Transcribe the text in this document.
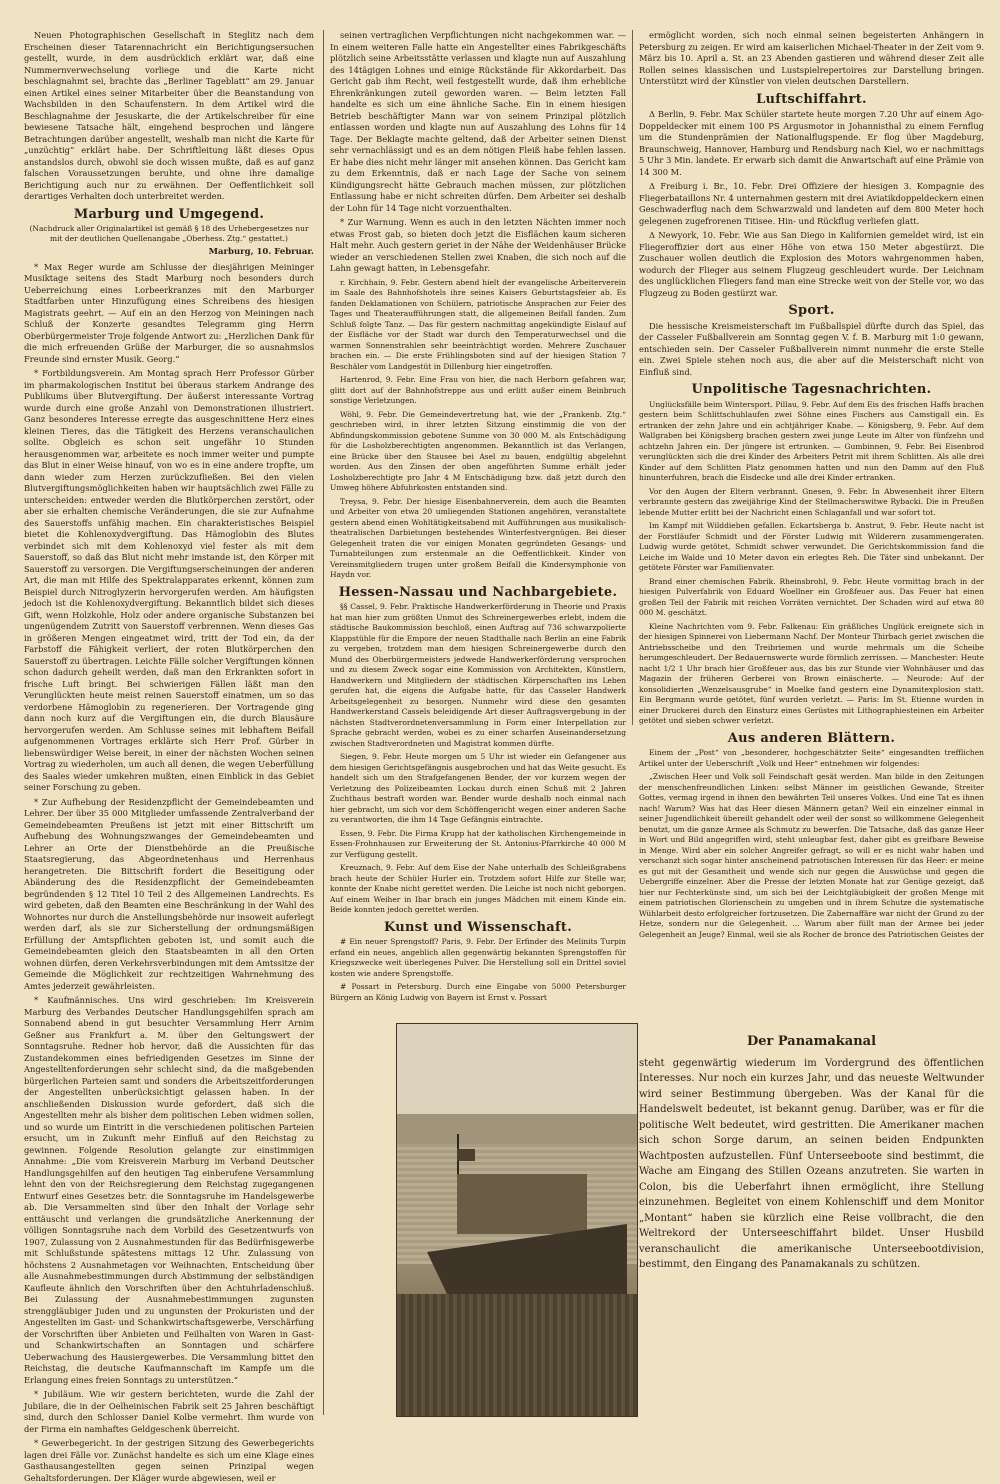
Neuen Photographischen Gesellschaft in Steglitz nach dem Erscheinen dieser Tatarennachricht ein Berichtigungsersuchen gestellt, wurde, in dem ausdrücklich erklärt war, daß eine Nummernverwechselung vorliege und die Karte nicht beschlagnahmt sei, brachte das „Berliner Tageblatt“ am 29. Januar einen Artikel eines seiner Mitarbeiter über die Beanstandung von Wachsbilden in den Schaufenstern. In dem Artikel wird die Beschlagnahme der Jesuskarte, die der Artikelschreiber für eine bewiesene Tatsache hält, eingehend besprochen und längere Betrachtungen darüber angestellt, weshalb man nicht die Karte für „unzüchtig“ erklärt habe. Der Schriftleitung läßt dieses Opus anstandslos durch, obwohl sie doch wissen mußte, daß es auf ganz falschen Voraussetzungen beruhte, und ohne ihre damalige Berichtigung auch nur zu erwähnen. Der Oeffentlichkeit soll derartiges Verhalten doch unterbreitet werden.

Marburg und Umgegend.
(Nachdruck aller Originalartikel ist gemäß § 18 des Urhebergesetzes nur mit der deutlichen Quellenangabe „Oberhess. Ztg.“ gestattet.)
Marburg, 10. Februar.

* Max Reger wurde am Schlusse der diesjährigen Meininger Musiktage seitens des Stadt Marburg noch besonders durch Ueberreichung eines Lorbeerkranzes mit den Marburger Stadtfarben unter Hinzufügung eines Schreibens des hiesigen Magistrats geehrt. — Auf ein an den Herzog von Meiningen nach Schluß der Konzerte gesandtes Telegramm ging Herrn Oberbürgermeister Troje folgende Antwort zu: „Herzlichen Dank für die mich erfreuenden Grüße der Marburger, die so ausnahmslos Freunde sind ernster Musik. Georg.“

* Fortbildungsverein. Am Montag sprach Herr Professor Gürber im pharmakologischen Institut bei überaus starkem Andrange des Publikums über Blutvergiftung. Der äußerst interessante Vortrag wurde durch eine große Anzahl von Demonstrationen illustriert. Ganz besonderes Interesse erregte das ausgeschnittene Herz eines kleinen Tieres, das die Tätigkeit des Herzens veranschaulichen sollte. Obgleich es schon seit ungefähr 10 Stunden herausgenommen war, arbeitete es noch immer weiter und pumpte das Blut in einer Weise hinauf, von wo es in eine andere tropfte, um dann wieder zum Herzen zurückzufließen. Bei den vielen Blutvergiftungsmöglichkeiten haben wir hauptsächlich zwei Fälle zu unterscheiden: entweder werden die Blutkörperchen zerstört, oder aber sie erhalten chemische Veränderungen, die sie zur Aufnahme des Sauerstoffs unfähig machen. Ein charakteristisches Beispiel bietet die Kohlenoxydvergiftung. Das Hämoglobin des Blutes verbindet sich mit dem Kohlenoxyd viel fester als mit dem Sauerstoff, so daß das Blut nicht mehr imstande ist, den Körper mit Sauerstoff zu versorgen. Die Vergiftungserscheinungen der anderen Art, die man mit Hilfe des Spektralapparates erkennt, können zum Beispiel durch Nitroglyzerin hervorgerufen werden. Am häufigsten jedoch ist die Kohlenoxydvergiftung. Bekanntlich bildet sich dieses Gift, wenn Holzkohle, Holz oder andere organische Substanzen bei ungenügendem Zutritt von Sauerstoff verbrennen. Wenn dieses Gas in größeren Mengen eingeatmet wird, tritt der Tod ein, da der Farbstoff die Fähigkeit verliert, der roten Blutkörperchen den Sauerstoff zu übertragen. Leichte Fälle solcher Vergiftungen können schon dadurch geheilt werden, daß man den Erkrankten sofort in frische Luft bringt. Bei schwierigen Fällen läßt man den Verunglückten heute meist reinen Sauerstoff einatmen, um so das verdorbene Hämoglobin zu regenerieren. Der Vortragende ging dann noch kurz auf die Vergiftungen ein, die durch Blausäure hervorgerufen werden. Am Schlusse seines mit lebhaftem Beifall aufgenommenen Vortrages erklärte sich Herr Prof. Gürber in liebenswürdiger Weise bereit, in einer der nächsten Wochen seinen Vortrag zu wiederholen, um auch all denen, die wegen Ueberfüllung des Saales wieder umkehren mußten, einen Einblick in das Gebiet seiner Forschung zu geben.

* Zur Aufhebung der Residenzpflicht der Gemeindebeamten und Lehrer. Der über 35 000 Mitglieder umfassende Zentralverband der Gemeindebeamten Preußens ist jetzt mit einer Bittschrift um Aufhebung des Wohnungszwanges der Gemeindebeamten und Lehrer an Orte der Dienstbehörde an die Preußische Staatsregierung, das Abgeordnetenhaus und Herrenhaus herangetreten. Die Bittschrift fordert die Beseitigung oder Abänderung des die Residenzpflicht der Gemeindebeamten begründenden § 12 Titel 10 Teil 2 des Allgemeinen Landrechts. Es wird gebeten, daß den Beamten eine Beschränkung in der Wahl des Wohnortes nur durch die Anstellungsbehörde nur insoweit auferlegt werden darf, als sie zur Sicherstellung der ordnungsmäßigen Erfüllung der Amtspflichten geboten ist, und somit auch die Gemeindebeamten gleich den Staatsbeamten in all den Orten wohnen dürfen, deren Verkehrsverbindungen mit dem Amtssitze der Gemeinde die Möglichkeit zur rechtzeitigen Wahrnehmung des Amtes jederzeit gewährleisten.

* Kaufmännisches. Uns wird geschrieben: Im Kreisverein Marburg des Verbandes Deutscher Handlungsgehilfen sprach am Sonnabend abend in gut besuchter Versammlung Herr Arnim Geßner aus Frankfurt a. M. über den Geltungswert der Sonntagsruhe. Redner hob hervor, daß die Aussichten für das Zustandekommen eines befriedigenden Gesetzes im Sinne der Angestelltenforderungen sehr schlecht sind, da die maßgebenden bürgerlichen Parteien samt und sonders die Arbeitszeitforderungen der Angestellten unberücksichtigt gelassen haben. In der anschließenden Diskussion wurde gefordert, daß sich die Angestellten mehr als bisher dem politischen Leben widmen sollen, und so wurde um Eintritt in die verschiedenen politischen Parteien ersucht, um in Zukunft mehr Einfluß auf den Reichstag zu gewinnen. Folgende Resolution gelangte zur einstimmigen Annahme: „Die vom Kreisverein Marburg im Verband Deutscher Handlungsgehilfen auf den heutigen Tag einberufene Versammlung lehnt den von der Reichsregierung dem Reichstag zugegangenen Entwurf eines Gesetzes betr. die Sonntagsruhe im Handelsgewerbe ab. Die Versammelten sind über den Inhalt der Vorlage sehr enttäuscht und verlangen die grundsätzliche Anerkennung der völligen Sonntagsruhe nach dem Vorbild des Gesetzentwurfs von 1907, Zulassung von 2 Ausnahmestunden für das Bedürfnisgewerbe mit Schlußstunde spätestens mittags 12 Uhr. Zulassung von höchstens 2 Ausnahmetagen vor Weihnachten, Entscheidung über alle Ausnahmebestimmungen durch Abstimmung der selbständigen Kaufleute ähnlich den Vorschriften über den Achtuhrladenschluß. Bei Zulassung der Ausnahmebestimmungen zugunsten strenggläubiger Juden und zu ungunsten der Prokuristen und der Angestellten im Gast- und Schankwirtschaftsgewerbe, Verschärfung der Vorschriften über Anbieten und Feilhalten von Waren in Gast- und Schankwirtschaften an Sonntagen und schärfere Ueberwachung des Hausiergewerbes. Die Versammlung bittet den Reichstag, die deutsche Kaufmannschaft im Kampfe um die Erlangung eines freien Sonntags zu unterstützen.“

* Jubiläum. Wie wir gestern berichteten, wurde die Zahl der Jubilare, die in der Oelheinischen Fabrik seit 25 Jahren beschäftigt sind, durch den Schlosser Daniel Kolbe vermehrt. Ihm wurde von der Firma ein namhaftes Geldgeschenk überreicht.

* Gewerbegericht. In der gestrigen Sitzung des Gewerbegerichts lagen drei Fälle vor. Zunächst handelte es sich um eine Klage eines Gasthausangestellten gegen seinen Prinzipal wegen Gehaltsforderungen. Der Kläger wurde abgewiesen, weil er

seinen vertraglichen Verpflichtungen nicht nachgekommen war. — In einem weiteren Falle hatte ein Angestellter eines Fabrikgeschäfts plötzlich seine Arbeitsstätte verlassen und klagte nun auf Auszahlung des 14tägigen Lohnes und einige Rückstände für Akkordarbeit. Das Gericht gab ihm Recht, weil festgestellt wurde, daß ihm erhebliche Ehrenkränkungen zuteil geworden waren. — Beim letzten Fall handelte es sich um eine ähnliche Sache. Ein in einem hiesigen Betrieb beschäftigter Mann war von seinem Prinzipal plötzlich entlassen worden und klagte nun auf Auszahlung des Lohns für 14 Tage. Der Beklagte machte geltend, daß der Arbeiter seinen Dienst sehr vernachlässigt und es an dem nötigen Fleiß habe fehlen lassen. Er habe dies nicht mehr länger mit ansehen können. Das Gericht kam zu dem Erkenntnis, daß er nach Lage der Sache von seinem Kündigungsrecht hätte Gebrauch machen müssen, zur plötzlichen Entlassung habe er nicht schreiten dürfen. Dem Arbeiter sei deshalb der Lohn für 14 Tage nicht vorzuenthalten.

* Zur Warnung. Wenn es auch in den letzten Nächten immer noch etwas Frost gab, so bieten doch jetzt die Eisflächen kaum sicheren Halt mehr. Auch gestern geriet in der Nähe der Weidenhäuser Brücke wieder an verschiedenen Stellen zwei Knaben, die sich noch auf die Lahn gewagt hatten, in Lebensgefahr.

r. Kirchhain, 9. Febr. Gestern abend hielt der evangelische Arbeiterverein im Saale des Bahnhofshotels ihre seines Kaisers Geburtstagsfeier ab. Es fanden Deklamationen von Schülern, patriotische Ansprachen zur Feier des Tages und Theateraufführungen statt, die allgemeinen Beifall fanden. Zum Schluß folgte Tanz. — Das für gestern nachmittag angekündigte Eislauf auf der Eisfläche vor der Stadt war durch den Temperaturwechsel und die warmen Sonnenstrahlen sehr beeinträchtigt worden. Mehrere Zuschauer brachen ein. — Die erste Frühlingsboten sind auf der hiesigen Station 7 Beschäler vom Landgestüt in Dillenburg hier eingetroffen.

Hartenrod, 9. Febr. Eine Frau von hier, die nach Herborn gefahren war, glitt dort auf der Bahnhofstreppe aus und erlitt außer einem Beinbruch sonstige Verletzungen.

Wöhl, 9. Febr. Die Gemeindevertretung hat, wie der „Frankenb. Ztg.“ geschrieben wird, in ihrer letzten Sitzung einstimmig die von der Abfindungskommission gebotene Summe von 30 000 M. als Entschädigung für die Losholzberechtigten angenommen. Bekanntlich ist das Verlangen, eine Brücke über den Stausee bei Asel zu bauen, endgültig abgelehnt worden. Aus den Zinsen der oben angeführten Summe erhält jeder Losholzberechtigte pro Jahr 4 M Entschädigung bzw. daß jetzt durch den Umweg höhere Abfuhrkosten entstanden sind.

Treysa, 9. Febr. Der hiesige Eisenbahnerverein, dem auch die Beamten und Arbeiter von etwa 20 umliegenden Stationen angehören, veranstaltete gestern abend einen Wohltätigkeitsabend mit Aufführungen aus musikalisch-theatralischen Darbietungen bestehendes Winterfestvergnügen. Bei dieser Gelegenheit traten die vor einigen Monaten gegründeten Gesangs- und Turnabteilungen zum erstenmale an die Oeffentlichkeit. Kinder von Vereinsmitgliedern trugen unter großem Beifall die Kindersymphonie von Haydn vor.

Hessen-Nassau und Nachbargebiete.

§§ Cassel, 9. Febr. Praktische Handwerkerförderung in Theorie und Praxis hat man hier zum größten Unmut des Schreinergewerbes erlebt, indem die städtische Baukommission beschloß, einen Auftrag auf 736 schwarzpolierte Klappstühle für die Empore der neuen Stadthalle nach Berlin an eine Fabrik zu vergeben, trotzdem man dem hiesigen Schreinergewerbe durch den Mund des Oberbürgermeisters jedwede Handwerkerförderung versprochen und zu diesem Zweck sogar eine Kommission von Architekten, Künstlern, Handwerkern und Mitgliedern der städtischen Körperschaften ins Leben gerufen hat, die eigens die Aufgabe hatte, für das Casseler Handwerk Arbeitsgelegenheit zu besorgen. Nunmehr wird diese den gesamten Handwerkerstand Cassels beleidigende Art dieser Auftragsvergebung in der nächsten Stadtverordnetenversammlung in Form einer Interpellation zur Sprache gebracht werden, wobei es zu einer scharfen Auseinandersetzung zwischen Stadtverordneten und Magistrat kommen dürfte.

Siegen, 9. Febr. Heute morgen um 5 Uhr ist wieder ein Gefangener aus dem hiesigen Gerichtsgefängnis ausgebrochen und hat das Weite gesucht. Es handelt sich um den Strafgefangenen Bender, der vor kurzem wegen der Verletzung des Polizeibeamten Lockau durch einen Schuß mit 2 Jahren Zuchthaus bestraft worden war. Bender wurde deshalb noch einmal nach hier gebracht, um sich vor dem Schöffengericht wegen einer anderen Sache zu verantworten, die ihm 14 Tage Gefängnis eintrachte.

Essen, 9. Febr. Die Firma Krupp hat der katholischen Kirchengemeinde in Essen-Frohnhausen zur Erweiterung der St. Antonius-Pfarrkirche 40 000 M zur Verfügung gestellt.

Kreuznach, 9. Febr. Auf dem Eise der Nahe unterhalb des Schleißgrabens brach heute der Schüler Hurler ein. Trotzdem sofort Hilfe zur Stelle war, konnte der Knabe nicht gerettet werden. Die Leiche ist noch nicht geborgen. Auf einem Weiher in Ibar brach ein junges Mädchen mit einem Kinde ein. Beide konnten jedoch gerettet werden.

Kunst und Wissenschaft.

# Ein neuer Sprengstoff? Paris, 9. Febr. Der Erfinder des Melinits Turpin erfand ein neues, angeblich allen gegenwärtig bekannten Sprengstoffen für Kriegszwecke weit überlegenes Pulver. Die Herstellung soll ein Drittel soviel kosten wie andere Sprengstoffe.

# Possart in Petersburg. Durch eine Eingabe von 5000 Petersburger Bürgern an König Ludwig von Bayern ist Ernst v. Possart

ermöglicht worden, sich noch einmal seinen begeisterten Anhängern in Petersburg zu zeigen. Er wird am kaiserlichen Michael-Theater in der Zeit vom 9. März bis 10. April a. St. an 23 Abenden gastieren und während dieser Zeit alle Rollen seines klassischen und Lustspielrepertoires zur Darstellung bringen. Unterstützt wird der Künstler von vielen deutschen Darstellern.

Luftschiffahrt.

Δ Berlin, 9. Febr. Max Schüler startete heute morgen 7.20 Uhr auf einem Ago-Doppeldecker mit einem 100 PS Argusmotor in Johannisthal zu einem Fernflug um die Stundenprämien der Nationalflugspende. Er flog über Magdeburg, Braunschweig, Hannover, Hamburg und Rendsburg nach Kiel, wo er nachmittags 5 Uhr 3 Min. landete. Er erwarb sich damit die Anwartschaft auf eine Prämie von 14 300 M.

Δ Freiburg i. Br., 10. Febr. Drei Offiziere der hiesigen 3. Kompagnie des Fliegerbataillons Nr. 4 unternahmen gestern mit drei Aviatikdoppeldeckern einen Geschwaderflug nach dem Schwarzwald und landeten auf dem 800 Meter hoch gelegenen zugefrorenen Titisee. Hin- und Rückflug verliefen glatt.

Δ Newyork, 10. Febr. Wie aus San Diego in Kalifornien gemeldet wird, ist ein Fliegeroffizier dort aus einer Höhe von etwa 150 Meter abgestürzt. Die Zuschauer wollen deutlich die Explosion des Motors wahrgenommen haben, wodurch der Flieger aus seinem Flugzeug geschleudert wurde. Der Leichnam des unglücklichen Fliegers fand man eine Strecke weit von der Stelle vor, wo das Flugzeug zu Boden gestürzt war.

Sport.

Die hessische Kreismeisterschaft im Fußballspiel dürfte durch das Spiel, das der Casseler Fußballverein am Sonntag gegen V. f. B. Marburg mit 1:0 gewann, entschieden sein. Der Casseler Fußballverein nimmt nunmehr die erste Stelle ein. Zwei Spiele stehen noch aus, die aber auf die Meisterschaft nicht von Einfluß sind.

Unpolitische Tagesnachrichten.

Unglücksfälle beim Wintersport. Pillau, 9. Febr. Auf dem Eis des frischen Haffs brachen gestern beim Schlittschuhlaufen zwei Söhne eines Fischers aus Camstigall ein. Es ertranken der zehn Jahre und ein achtjähriger Knabe. — Königsberg, 9. Febr. Auf dem Wallgraben bei Königsberg brachen gestern zwei junge Leute im Alter von fünfzehn und achtzehn Jahren ein. Der jüngere ist ertrunken. — Gumbinnen, 9. Febr. Bei Eisenbrod verunglückten sich die drei Kinder des Arbeiters Petrit mit ihrem Schlitten. Als alle drei Kinder auf dem Schlitten Platz genommen hatten und nun den Damm auf den Fluß hinunterfuhren, brach die Eisdecke und alle drei Kinder ertranken.

Vor den Augen der Eltern verbrannt. Gnesen, 9. Febr. In Abwesenheit ihrer Eltern verbrannte gestern das zweijährige Kind der Stellmacherswitwe Rybacki. Die in Preußen lebende Mutter erlitt bei der Nachricht einen Schlaganfall und war sofort tot.

Im Kampf mit Wilddieben gefallen. Eckartsberga b. Anstrut, 9. Febr. Heute nacht ist der Forstläufer Schmidt und der Förster Ludwig mit Wilderern zusammengeraten. Ludwig wurde getötet, Schmidt schwer verwundet. Die Gerichtskommission fand die Leiche im Walde und 10 Meter davon ein erlegtes Reh. Die Täter sind unbekannt. Der getötete Förster war Familienvater.

Brand einer chemischen Fabrik. Rheinsbrohl, 9. Febr. Heute vormittag brach in der hiesigen Pulverfabrik von Eduard Woellner ein Großfeuer aus. Das Feuer hat einen großen Teil der Fabrik mit reichen Vorräten vernichtet. Der Schaden wird auf etwa 80 000 M. geschätzt.

Kleine Nachrichten vom 9. Febr. Falkenau: Ein gräßliches Unglück ereignete sich in der hiesigen Spinnerei von Liebermann Nachf. Der Monteur Thirbach geriet zwischen die Antriebsscheibe und den Treibriemen und wurde mehrmals um die Scheibe herumgeschleudert. Der Bedauernswerte wurde förmlich zerrissen. — Manchester: Heute nacht 1/2 1 Uhr brach hier Großfeuer aus, das bis zur Stunde vier Wohnhäuser und das Magazin der früheren Gerberei von Brown einäscherte. — Neurode: Auf der konsolidierten „Wenzelsausgrube“ in Moelke fand gestern eine Dynamitexplosion statt. Ein Bergmann wurde getötet, fünf wurden verletzt. — Paris: Im St. Etienne wurden in einer Druckerei durch den Einsturz eines Gerüstes mit Lithographiesteinen ein Arbeiter getötet und sieben schwer verletzt.

Aus anderen Blättern.

Einem der „Post“ von „besonderer, hochgeschätzter Seite“ eingesandten trefflichen Artikel unter der Ueberschrift „Volk und Heer“ entnehmen wir folgendes:

„Zwischen Heer und Volk soll Feindschaft gesät werden. Man bilde in den Zeitungen der menschenfreundlichen Linken: selbst Männer im geistlichen Gewande, Streiter Gottes, vermag irgend in ihnen den bewährten Teil unseres Volkes. Und eine Tat es ihnen nach! Warum? Was hat das Heer diesen Männern getan? Weil ein einzelner einmal in seiner Jugendlichkeit übereilt gehandelt oder weil der sonst so willkommene Gelegenheit benutzt, um die ganze Armee als Schmutz zu bewerfen. Die Tatsache, daß das ganze Heer in Wort und Bild angegriffen wird, steht unleugbar fest, daher gibt es greifbare Beweise in Menge. Wird aber ein solcher Angreifer gefragt, so will er es nicht wahr haben und verschanzt sich sogar hinter anscheinend patriotischen Interessen für das Heer: er meine es gut mit der Gesamtheit und wende sich nur gegen die Auswüchse und gegen die Uebergriffe einzelner. Aber die Presse der letzten Monate hat zur Genüge gezeigt, daß hier nur Fechterkünste sind, um sich bei der Leichtgläubigkeit der großen Menge mit einem patriotischen Glorienschein zu umgeben und in ihrem Schutze die systematische Wühlarbeit desto erfolgreicher fortzusetzen. Die Zabernaffäre war nicht der Grund zu der Hetze, sondern nur die Gelegenheit. ... Warum aber füllt man der Armee bei jeder Gelegenheit an Jeuge? Einmal, weil sie als Rocher de bronce des Patriotischen Geistes der

Der Panamakanal
steht gegenwärtig wiederum im Vordergrund des öffentlichen Interesses. Nur noch ein kurzes Jahr, und das neueste Weltwunder wird seiner Bestimmung übergeben. Was der Kanal für die Handelswelt bedeutet, ist bekannt genug. Darüber, was er für die politische Welt bedeutet, wird gestritten. Die Amerikaner machen sich schon Sorge darum, an seinen beiden Endpunkten Wachtposten aufzustellen. Fünf Unterseeboote sind bestimmt, die Wache am Eingang des Stillen Ozeans anzutreten. Sie warten in Colon, bis die Ueberfahrt ihnen ermöglicht, ihre Stellung einzunehmen. Begleitet von einem Kohlenschiff und dem Monitor „Montant“ haben sie kürzlich eine Reise vollbracht, die den Weltrekord der Unterseeschiffahrt bildet. Unser Husbild veranschaulicht die amerikanische Unterseebootdivision, bestimmt, den Eingang des Panamakanals zu schützen.
